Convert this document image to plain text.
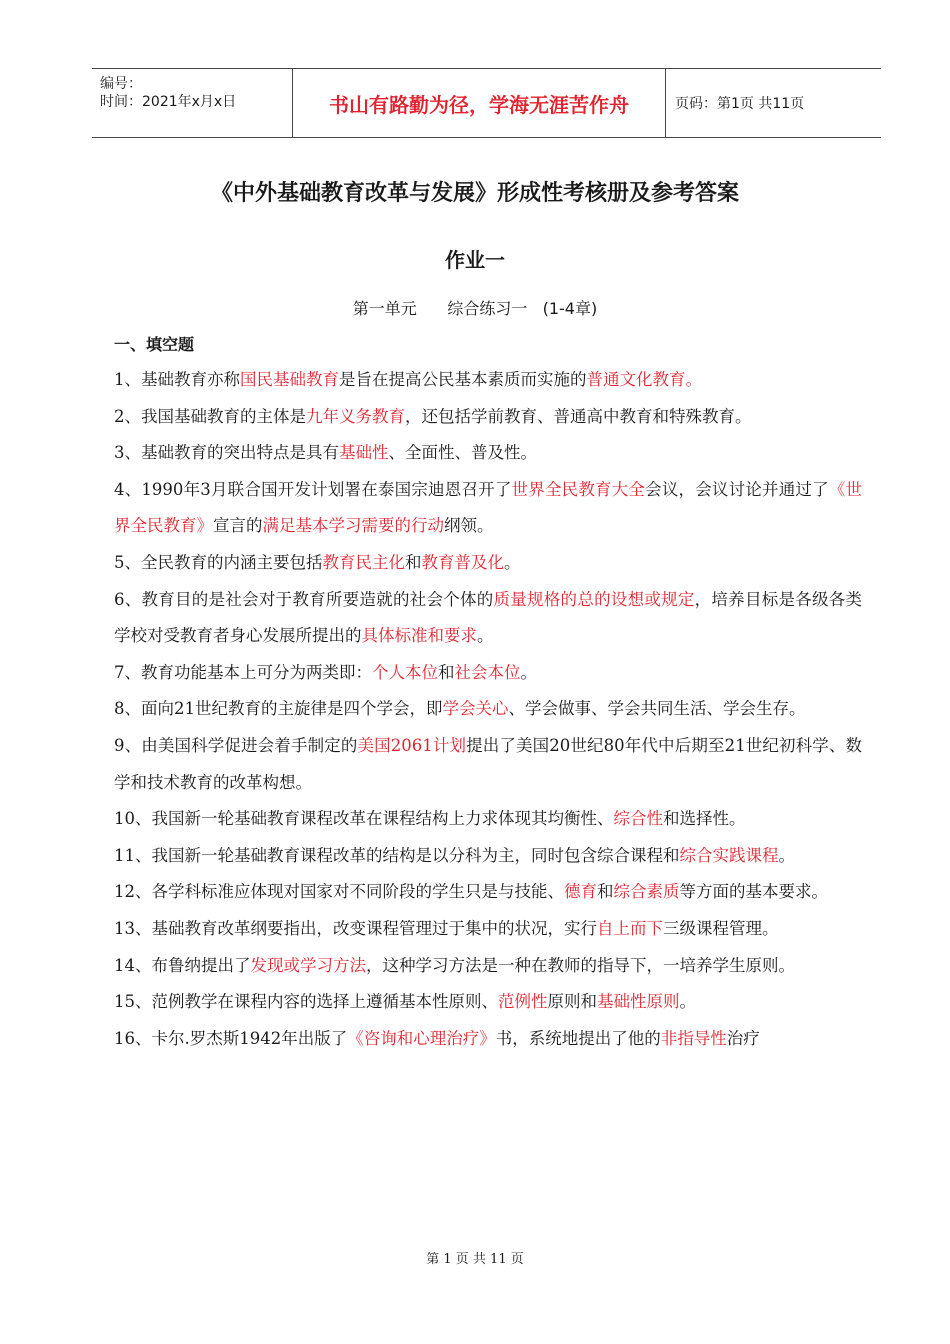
编号：
时间：2021年x月x日	书山有路勤为径，学海无涯苦作舟	页码：第1页 共11页
《中外基础教育改革与发展》形成性考核册及参考答案
作业一
第一单元      综合练习一   (1-4章)
一、填空题

1、基础教育亦称国民基础教育是旨在提高公民基本素质而实施的普通文化教育。

2、我国基础教育的主体是九年义务教育，还包括学前教育、普通高中教育和特殊教育。

3、基础教育的突出特点是具有基础性、全面性、普及性。

4、1990年3月联合国开发计划署在泰国宗迪恩召开了世界全民教育大全会议，会议讨论并通过了《世界全民教育》宣言的满足基本学习需要的行动纲领。

5、全民教育的内涵主要包括教育民主化和教育普及化。

6、教育目的是社会对于教育所要造就的社会个体的质量规格的总的设想或规定，培养目标是各级各类学校对受教育者身心发展所提出的具体标准和要求。

7、教育功能基本上可分为两类即：个人本位和社会本位。

8、面向21世纪教育的主旋律是四个学会，即学会关心、学会做事、学会共同生活、学会生存。

9、由美国科学促进会着手制定的美国2061计划提出了美国20世纪80年代中后期至21世纪初科学、数学和技术教育的改革构想。

10、我国新一轮基础教育课程改革在课程结构上力求体现其均衡性、综合性和选择性。

11、我国新一轮基础教育课程改革的结构是以分科为主，同时包含综合课程和综合实践课程。

12、各学科标准应体现对国家对不同阶段的学生只是与技能、德育和综合素质等方面的基本要求。

13、基础教育改革纲要指出，改变课程管理过于集中的状况，实行自上而下三级课程管理。

14、布鲁纳提出了发现或学习方法，这种学习方法是一种在教师的指导下，一培养学生原则。

15、范例教学在课程内容的选择上遵循基本性原则、范例性原则和基础性原则。

16、卡尔.罗杰斯1942年出版了《咨询和心理治疗》书，系统地提出了他的非指导性治疗

第 1 页 共 11 页
